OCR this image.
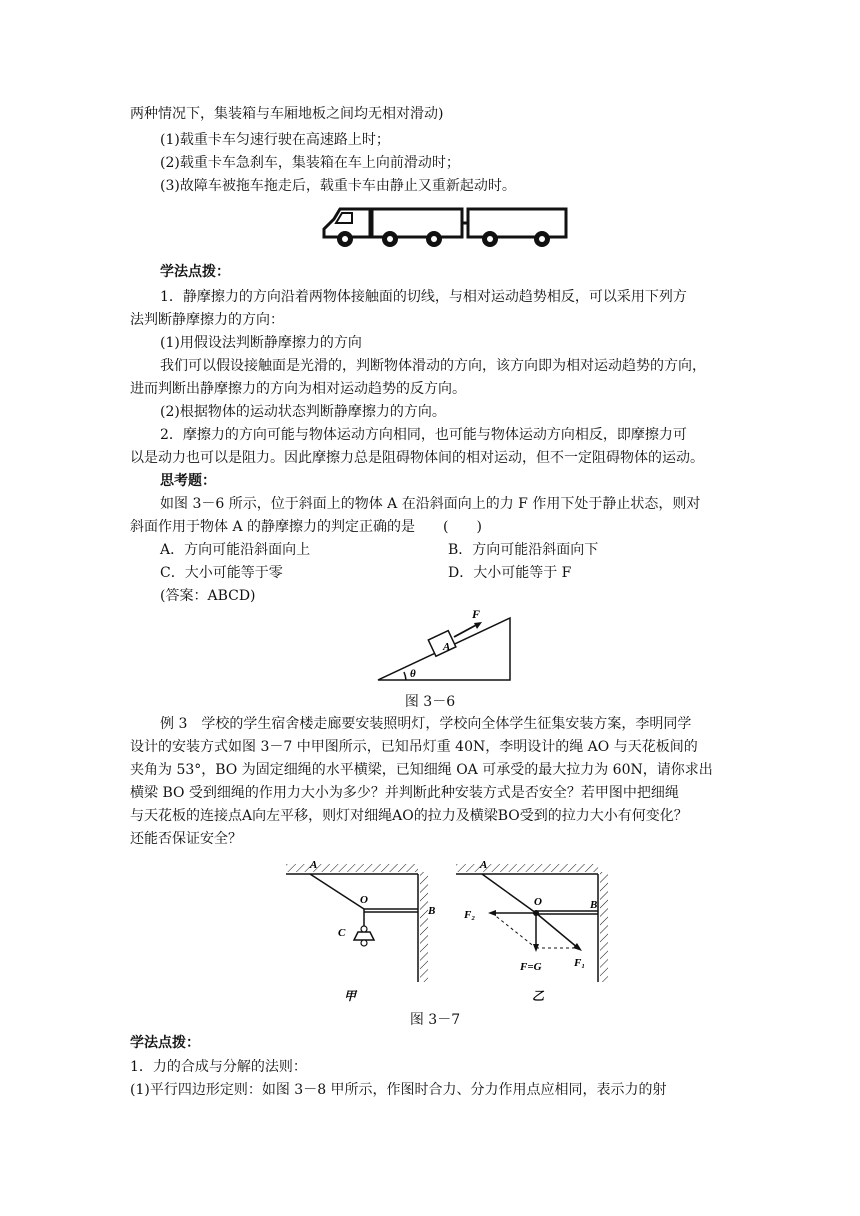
两种情况下，集装箱与车厢地板之间均无相对滑动)
(1)载重卡车匀速行驶在高速路上时；
(2)载重卡车急刹车，集装箱在车上向前滑动时；
(3)故障车被拖车拖走后，载重卡车由静止又重新起动时。
学法点拨：
1．静摩擦力的方向沿着两物体接触面的切线，与相对运动趋势相反，可以采用下列方
法判断静摩擦力的方向：
(1)用假设法判断静摩擦力的方向
我们可以假设接触面是光滑的，判断物体滑动的方向，该方向即为相对运动趋势的方向，
进而判断出静摩擦力的方向为相对运动趋势的反方向。
(2)根据物体的运动状态判断静摩擦力的方向。
2．摩擦力的方向可能与物体运动方向相同，也可能与物体运动方向相反，即摩擦力可
以是动力也可以是阻力。因此摩擦力总是阻碍物体间的相对运动，但不一定阻碍物体的运动。
思考题：
如图 3－6 所示，位于斜面上的物体 A 在沿斜面向上的力 F 作用下处于静止状态，则对
斜面作用于物体 A 的静摩擦力的判定正确的是　　(　　)
A．方向可能沿斜面向上	B．方向可能沿斜面向下
C．大小可能等于零	D．大小可能等于 F
(答案：ABCD)
F
A
θ
图 3－6
例 3　学校的学生宿舍楼走廊要安装照明灯，学校向全体学生征集安装方案，李明同学
设计的安装方式如图 3－7 中甲图所示，已知吊灯重 40N，李明设计的绳 AO 与天花板间的
夹角为 53°，BO 为固定细绳的水平横梁，已知细绳 OA 可承受的最大拉力为 60N，请你求出
横梁 BO 受到细绳的作用力大小为多少？并判断此种安装方式是否安全？若甲图中把细绳
与天花板的连接点A向左平移，则灯对细绳AO的拉力及横梁BO受到的拉力大小有何变化？
还能否保证安全？
A
O
B
C
甲
A
O	B
F₂
F=G	F₁
乙
图 3－7
学法点拨：
1．力的合成与分解的法则：
(1)平行四边形定则：如图 3－8 甲所示，作图时合力、分力作用点应相同，表示力的射
